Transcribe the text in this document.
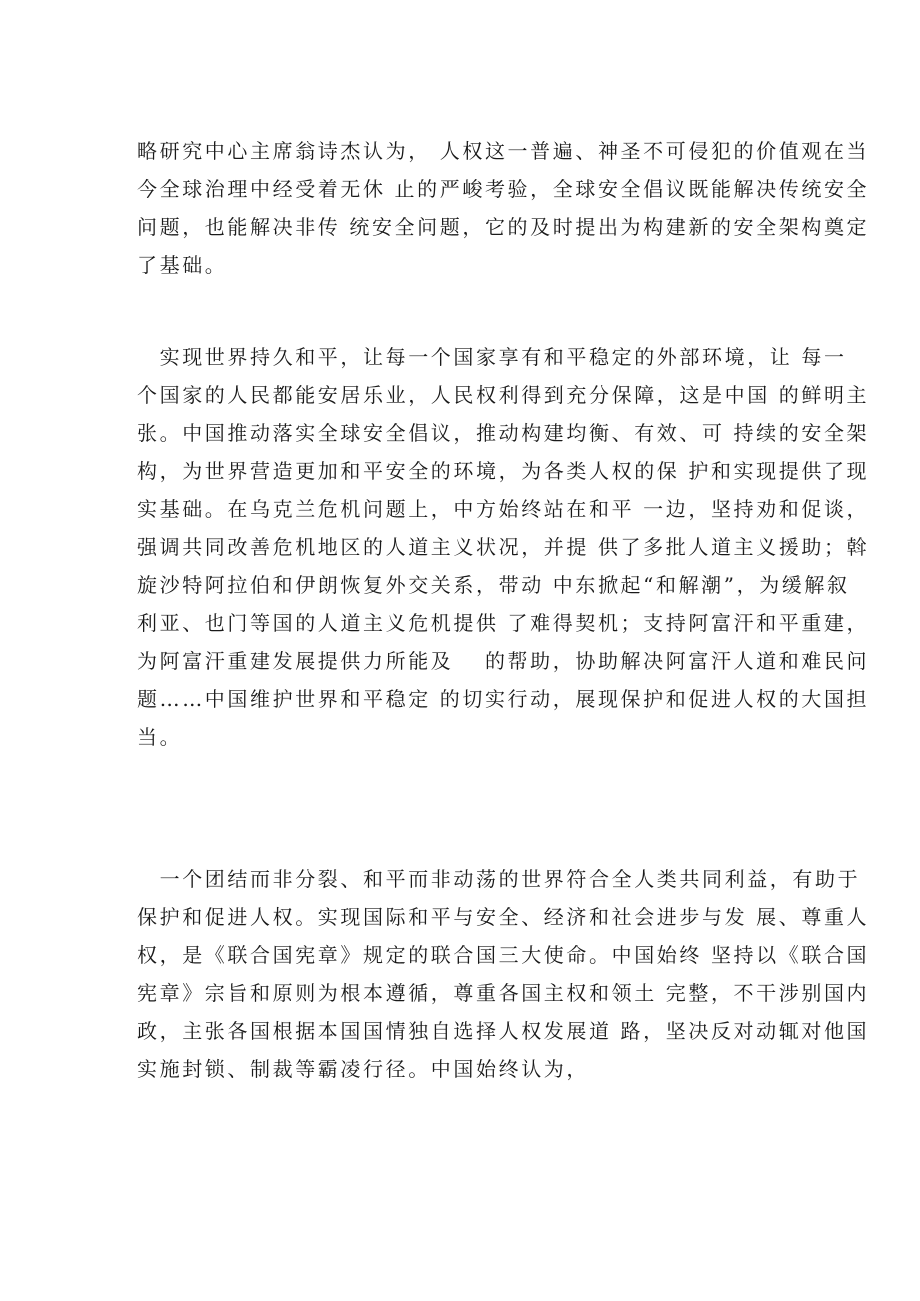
略研究中心主席翁诗杰认为， 人权这一普遍、神圣不可侵犯的价值观在当
今全球治理中经受着无休 止的严峻考验，全球安全倡议既能解决传统安全
问题，也能解决非传 统安全问题，它的及时提出为构建新的安全架构奠定
了基础。
　实现世界持久和平，让每一个国家享有和平稳定的外部环境，让 每一
个国家的人民都能安居乐业，人民权利得到充分保障，这是中国 的鲜明主
张。中国推动落实全球安全倡议，推动构建均衡、有效、可 持续的安全架
构，为世界营造更加和平安全的环境，为各类人权的保 护和实现提供了现
实基础。在乌克兰危机问题上，中方始终站在和平 一边，坚持劝和促谈，
强调共同改善危机地区的人道主义状况，并提 供了多批人道主义援助；斡
旋沙特阿拉伯和伊朗恢复外交关系，带动 中东掀起“和解潮”，为缓解叙
利亚、也门等国的人道主义危机提供 了难得契机；支持阿富汗和平重建，
为阿富汗重建发展提供力所能及　 的帮助，协助解决阿富汗人道和难民问
题……中国维护世界和平稳定 的切实行动，展现保护和促进人权的大国担
当。
　一个团结而非分裂、和平而非动荡的世界符合全人类共同利益，有助于
保护和促进人权。实现国际和平与安全、经济和社会进步与发 展、尊重人
权，是《联合国宪章》规定的联合国三大使命。中国始终 坚持以《联合国
宪章》宗旨和原则为根本遵循，尊重各国主权和领土 完整，不干涉别国内
政，主张各国根据本国国情独自选择人权发展道 路，坚决反对动辄对他国
实施封锁、制裁等霸凌行径。中国始终认为，
